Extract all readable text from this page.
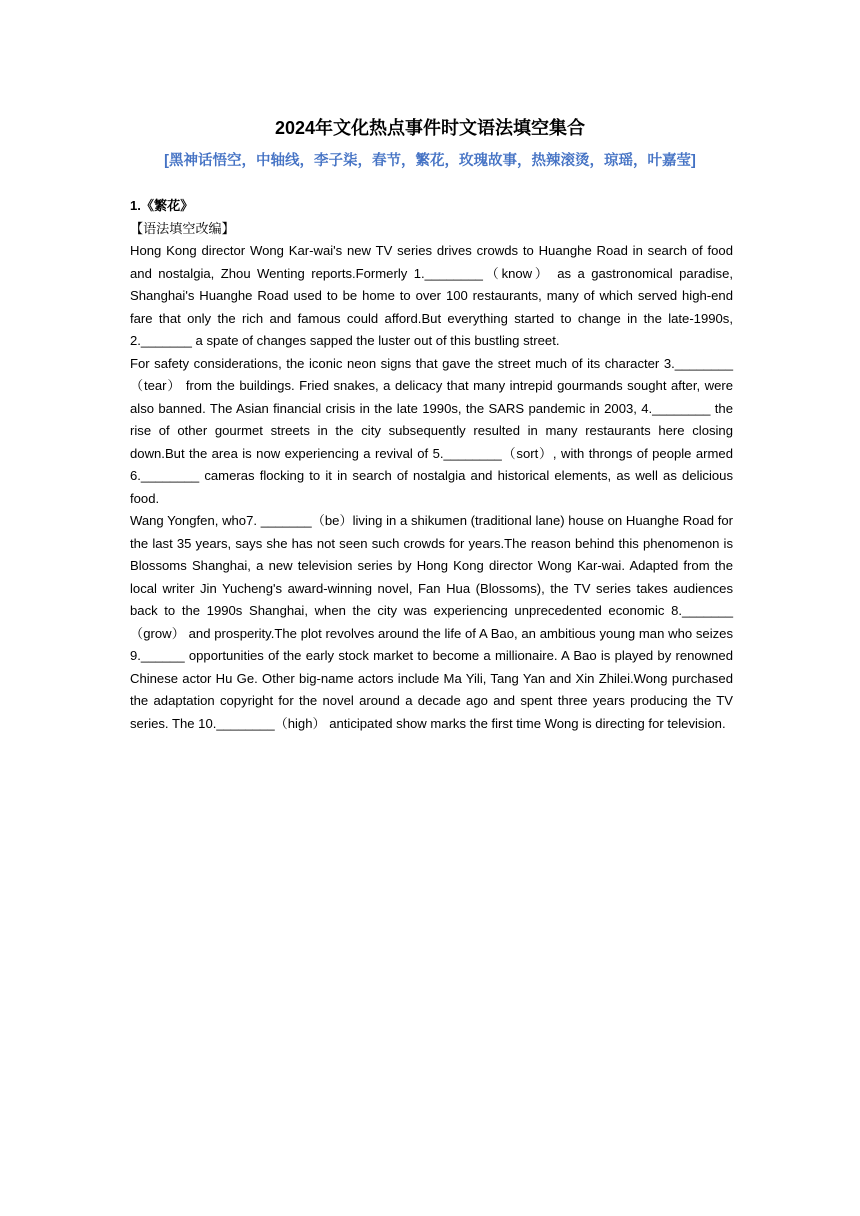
2024年文化热点事件时文语法填空集合
[黑神话悟空，中轴线，李子柒，春节，繁花，玫瑰故事，热辣滚烫，琼瑶，叶嘉莹]

1.《繁花》

【语法填空改编】

Hong Kong director Wong Kar-wai's new TV series drives crowds to Huanghe Road in search of food and nostalgia, Zhou Wenting reports.Formerly 1.________（know） as a gastronomical paradise, Shanghai's Huanghe Road used to be home to over 100 restaurants, many of which served high-end fare that only the rich and famous could afford.But everything started to change in the late-1990s, 2._______ a spate of changes sapped the luster out of this bustling street.

For safety considerations, the iconic neon signs that gave the street much of its character 3.________（tear） from the buildings. Fried snakes, a delicacy that many intrepid gourmands sought after, were also banned. The Asian financial crisis in the late 1990s, the SARS pandemic in 2003, 4.________ the rise of other gourmet streets in the city subsequently resulted in many restaurants here closing down.But the area is now experiencing a revival of 5.________（sort）, with throngs of people armed 6.________ cameras flocking to it in search of nostalgia and historical elements, as well as delicious food.

Wang Yongfen, who7. _______（be）living in a shikumen (traditional lane) house on Huanghe Road for the last 35 years, says she has not seen such crowds for years.The reason behind this phenomenon is Blossoms Shanghai, a new television series by Hong Kong director Wong Kar-wai. Adapted from the local writer Jin Yucheng's award-winning novel, Fan Hua (Blossoms), the TV series takes audiences back to the 1990s Shanghai, when the city was experiencing unprecedented economic 8._______ （grow） and prosperity.The plot revolves around the life of A Bao, an ambitious young man who seizes 9.______ opportunities of the early stock market to become a millionaire. A Bao is played by renowned Chinese actor Hu Ge. Other big-name actors include Ma Yili, Tang Yan and Xin Zhilei.Wong purchased the adaptation copyright for the novel around a decade ago and spent three years producing the TV series. The 10.________（high） anticipated show marks the first time Wong is directing for television.
